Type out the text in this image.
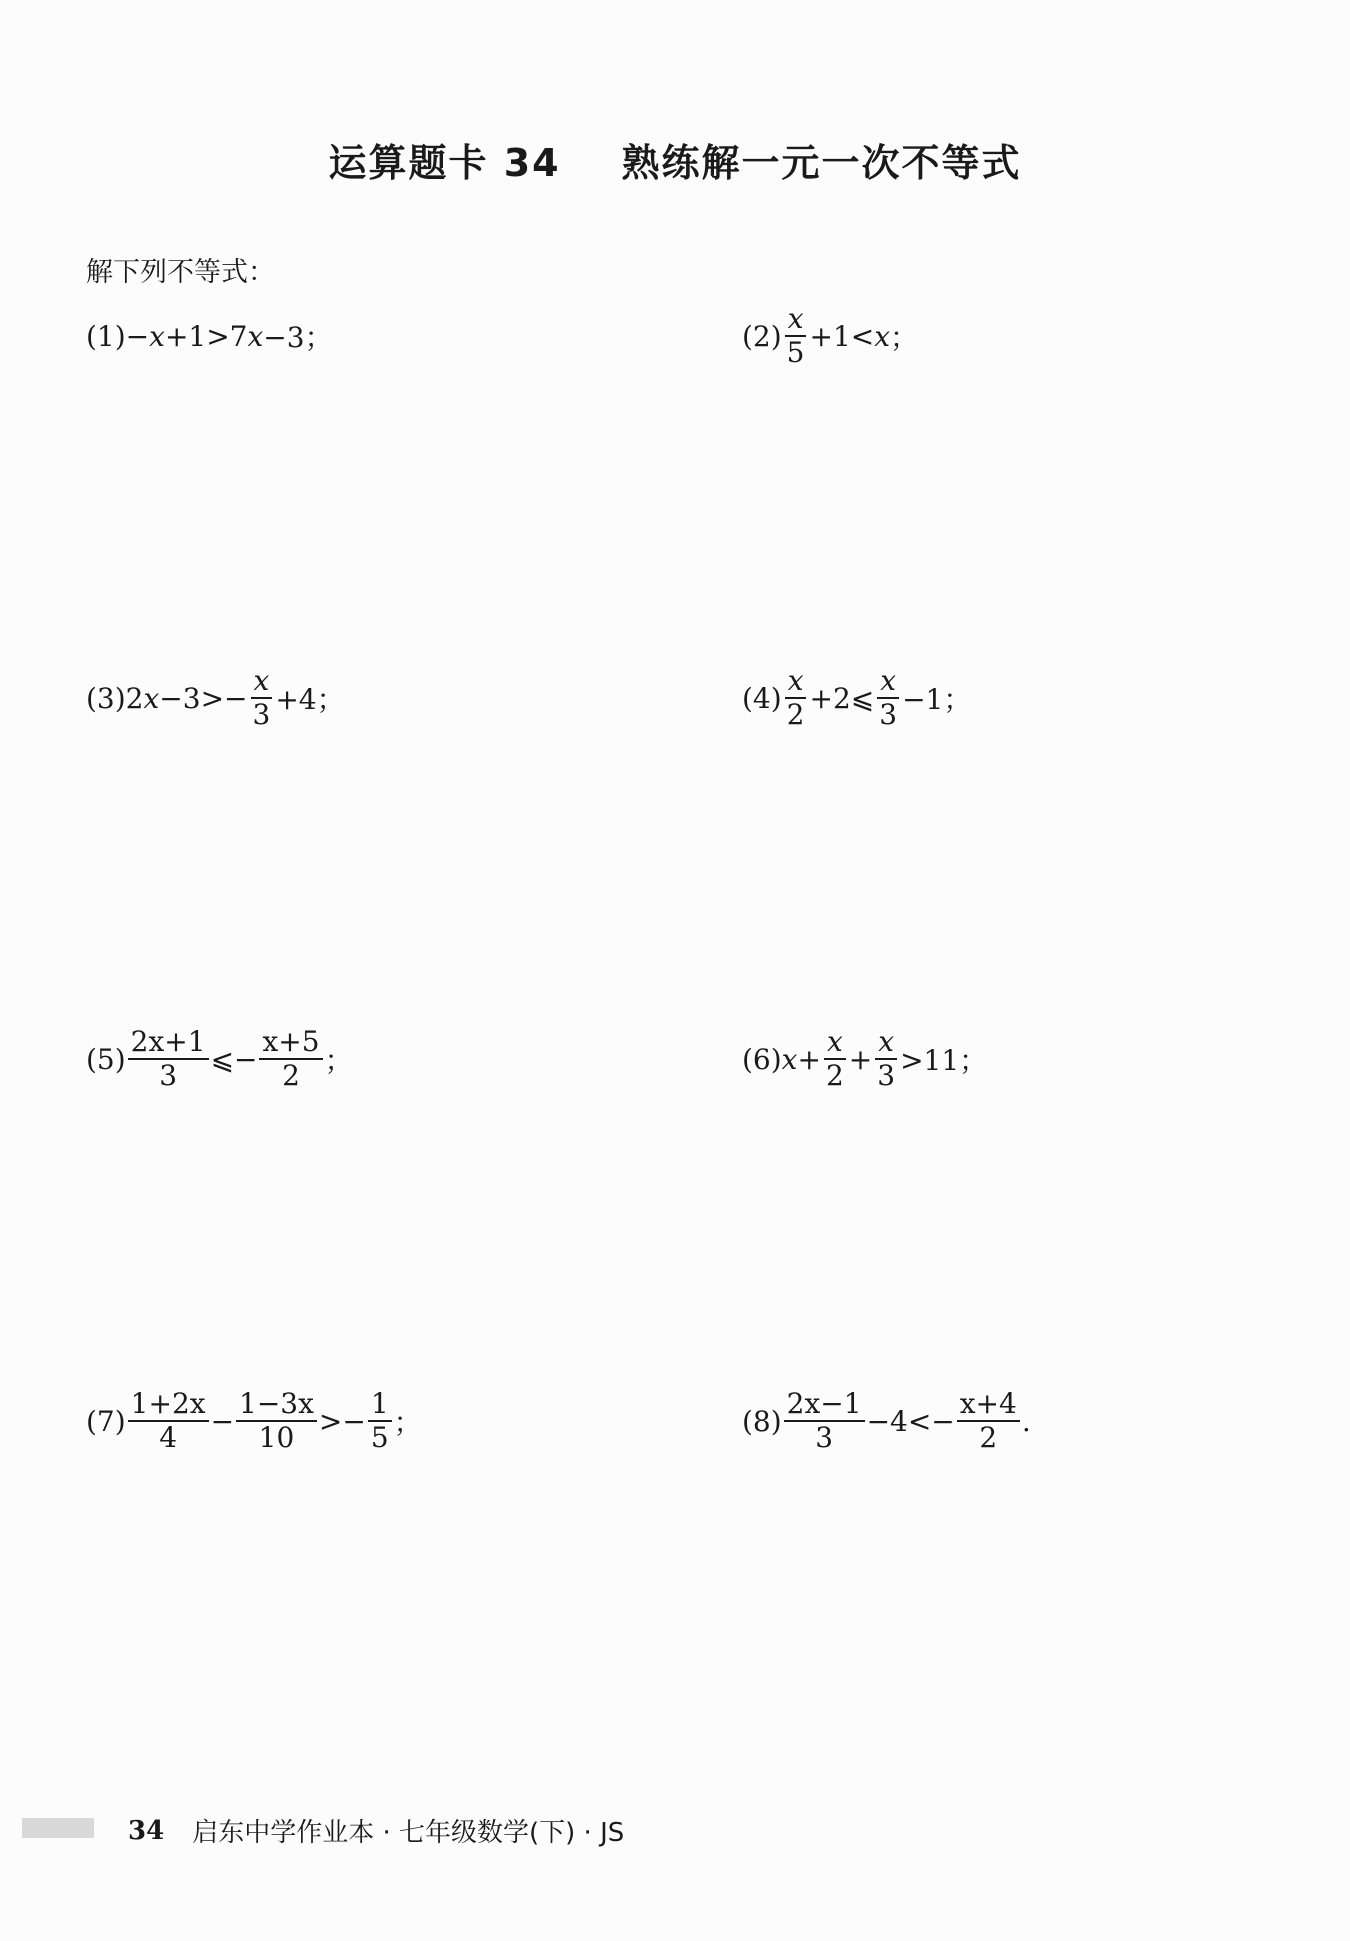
运算题卡 34    熟练解一元一次不等式
解下列不等式：
(1) − x +1>7 x −3；	$(2) \frac{x}{5} +1< x$ ；
(3) 2 $x -3>- \frac{x}{3} +4$；	$(4) \frac{x}{2}$ +2⩽ $\frac{x}{3} -1$；
$(5) \frac{2x+1}{3}$ ⩽− $\frac{x+5}{2}$ ；	(6) $x + \frac{x}{2} + \frac{x}{3} >11$；
$(7) \frac{1+2x}{4} - \frac{1-3x}{10} >- \frac{1}{5}$ ；	$(8) \frac{2x-1}{3} -4<- \frac{x+4}{2}$ .
34 启东中学作业本 · 七年级数学(下) · JS
